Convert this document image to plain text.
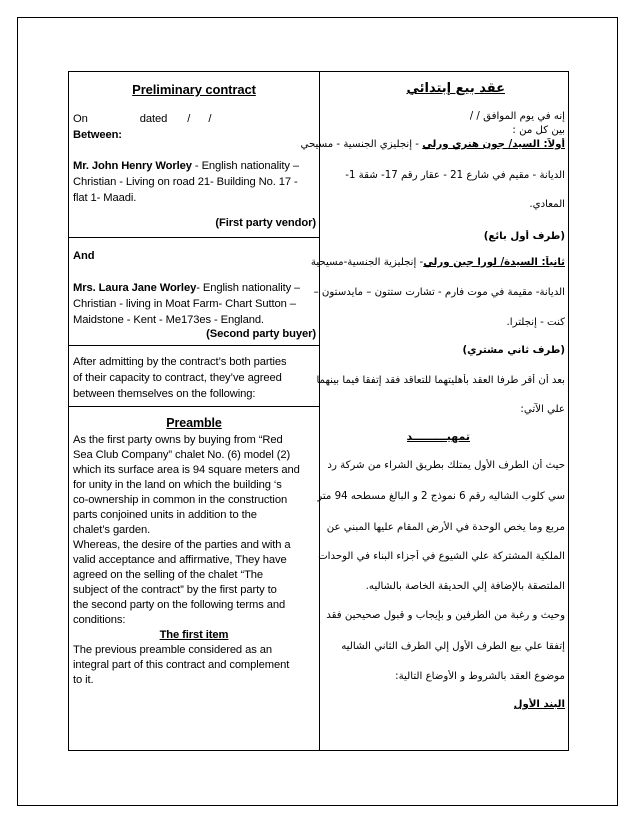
Preliminary contract
On	dated / /
Between:
Mr. John Henry Worley - English nationality –
Christian - Living on road 21- Building No. 17 -
flat 1- Maadi.
(First party vendor)
And
Mrs. Laura Jane Worley- English nationality –
Christian - living in Moat Farm- Chart Sutton –
Maidstone - Kent - Me173es - England.
(Second party buyer)
After admitting by the contract’s both parties
of their capacity to contract, they’ve agreed
between themselves on the following:
Preamble
As the first party owns by buying from “Red
Sea Club Company” chalet No. (6) model (2)
which its surface area is 94 square meters and
for unity in the land on which the building ‘s
co-ownership in common in the construction
parts conjoined units in addition to the
chalet’s garden.
Whereas, the desire of the parties and with a
valid acceptance and affirmative, They have
agreed on the selling of the chalet “The
subject of the contract” by the first party to
the second party on the following terms and
conditions:
The first item
The previous preamble considered as an
integral part of this contract and complement
to it.
عقد بيع إبتدائي
إنه في يوم الموافق / /
بين كل من :
أولاً: السيد/ جون هنري ورلي - إنجليزي الجنسية - مسيحي
الديانة - مقيم في شارع 21 - عقار رقم 17- شقة 1-
المعادي.
(طرف أول بائع)
ثانياً: السيدة/ لورا جين ورلي- إنجليزية الجنسية-مسيحية
الديانة- مقيمة في موت فارم - تشارت ستتون – مايدستون –
كنت - إنجلترا.
(طرف ثاني مشتري)
بعد أن أقر طرفا العقد بأهليتهما للتعاقد فقد إتفقا فيما بينهما
علي الآتي:
تمهيـــــــــد
حيث أن الطرف الأول يمتلك بطريق الشراء من شركة رد
سي كلوب الشاليه رقم 6 نموذج 2 و البالغ مسطحه 94 متر
مربع وما يخص الوحدة في الأرض المقام عليها المبني عن
الملكية المشتركة علي الشيوع في أجزاء البناء في الوحدات
الملتصقة بالإضافة إلي الحديقة الخاصة بالشاليه.
وحيث و رغبة من الطرفين و بإيجاب و قبول صحيحين فقد
إتفقا علي بيع الطرف الأول إلي الطرف الثاني الشاليه
موضوع العقد بالشروط و الأوضاع التالية:
البند الأول
